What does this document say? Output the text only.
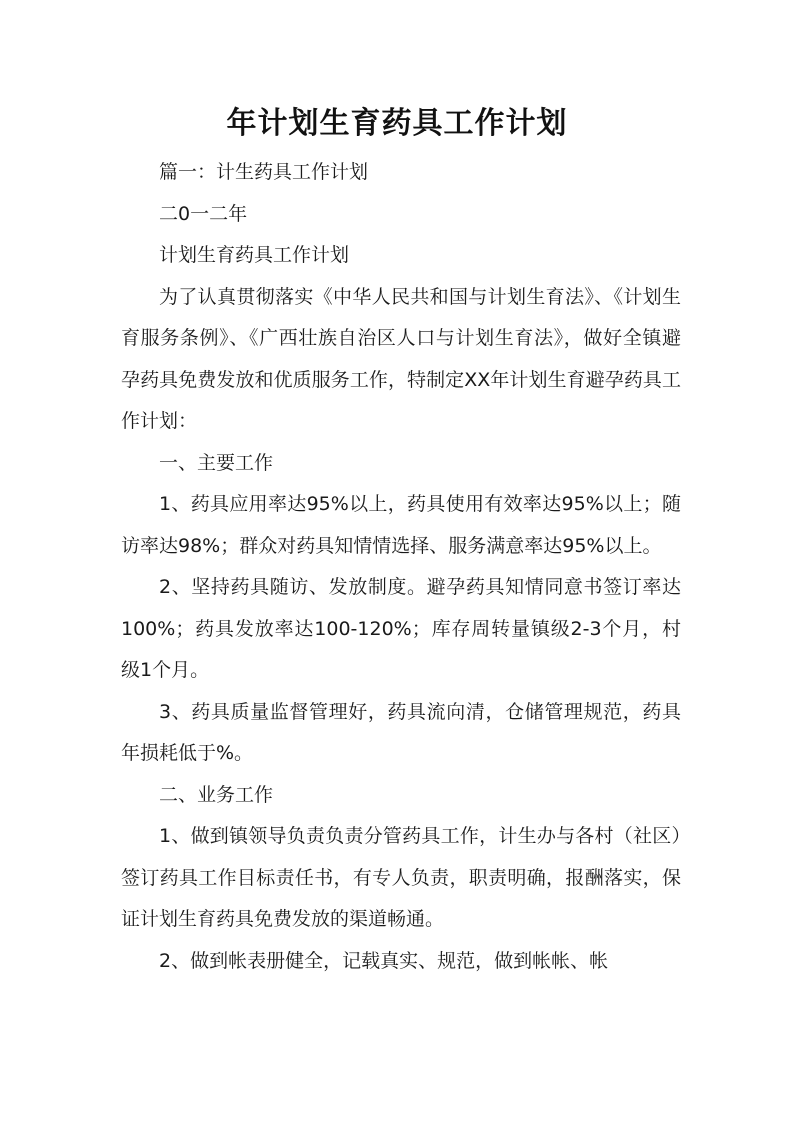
年计划生育药具工作计划

篇一：计生药具工作计划

二0一二年

计划生育药具工作计划

为了认真贯彻落实《中华人民共和国与计划生育法》、《计划生育服务条例》、《广西壮族自治区人口与计划生育法》，做好全镇避孕药具免费发放和优质服务工作，特制定XX年计划生育避孕药具工作计划：

一、主要工作

1、药具应用率达95%以上，药具使用有效率达95%以上；随访率达98%；群众对药具知情情选择、服务满意率达95%以上。

2、坚持药具随访、发放制度。避孕药具知情同意书签订率达100%；药具发放率达100-120%；库存周转量镇级2-3个月，村级1个月。

3、药具质量监督管理好，药具流向清，仓储管理规范，药具年损耗低于%。

二、业务工作

1、做到镇领导负责负责分管药具工作，计生办与各村（社区）签订药具工作目标责任书，有专人负责，职责明确，报酬落实，保证计划生育药具免费发放的渠道畅通。

2、做到帐表册健全，记载真实、规范，做到帐帐、帐
